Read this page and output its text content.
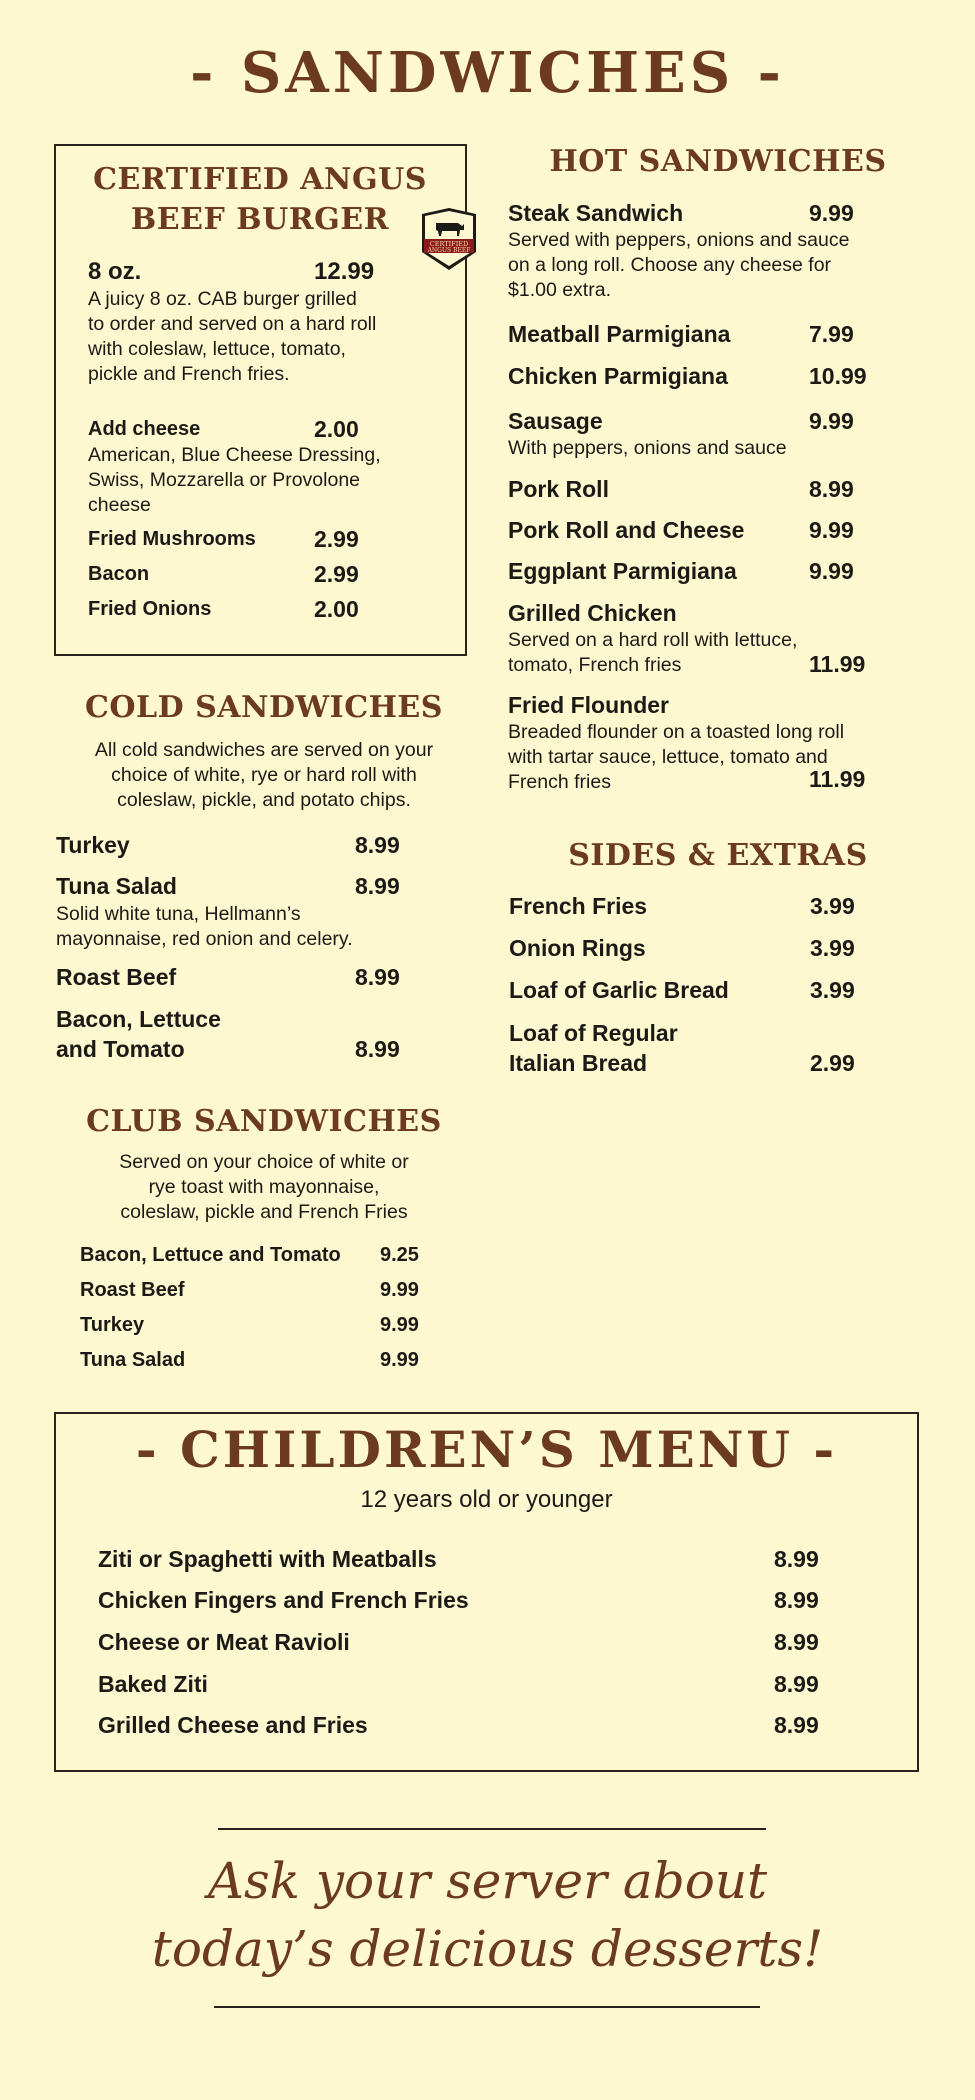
- SANDWICHES -
CERTIFIED ANGUS
BEEF BURGER
CERTIFIED
ANGUS BEEF
8 oz.	12.99
A juicy 8 oz. CAB burger grilled
to order and served on a hard roll
with coleslaw, lettuce, tomato,
pickle and French fries.
Add cheese	2.00
American, Blue Cheese Dressing,
Swiss, Mozzarella or Provolone
cheese
Fried Mushrooms	2.99
Bacon	2.99
Fried Onions	2.00
COLD SANDWICHES
All cold sandwiches are served on your
choice of white, rye or hard roll with
coleslaw, pickle, and potato chips.
Turkey	8.99
Tuna Salad	8.99
Solid white tuna, Hellmann’s
mayonnaise, red onion and celery.
Roast Beef	8.99
Bacon, Lettuce
and Tomato	8.99
CLUB SANDWICHES
Served on your choice of white or
rye toast with mayonnaise,
coleslaw, pickle and French Fries
Bacon, Lettuce and Tomato 9.25
Roast Beef	9.99
Turkey	9.99
Tuna Salad	9.99
HOT SANDWICHES
Steak Sandwich	9.99
Served with peppers, onions and sauce
on a long roll. Choose any cheese for
$1.00 extra.
Meatball Parmigiana	7.99
Chicken Parmigiana	10.99
Sausage	9.99
With peppers, onions and sauce
Pork Roll	8.99
Pork Roll and Cheese	9.99
Eggplant Parmigiana	9.99
Grilled Chicken
Served on a hard roll with lettuce,
tomato, French fries	11.99
Fried Flounder
Breaded flounder on a toasted long roll
with tartar sauce, lettuce, tomato and
French fries	11.99
SIDES & EXTRAS
French Fries	3.99
Onion Rings	3.99
Loaf of Garlic Bread	3.99
Loaf of Regular
Italian Bread	2.99
- CHILDREN’S MENU -
12 years old or younger
Ziti or Spaghetti with Meatballs	8.99
Chicken Fingers and French Fries	8.99
Cheese or Meat Ravioli	8.99
Baked Ziti	8.99
Grilled Cheese and Fries	8.99
Ask your server about
today’s delicious desserts!
